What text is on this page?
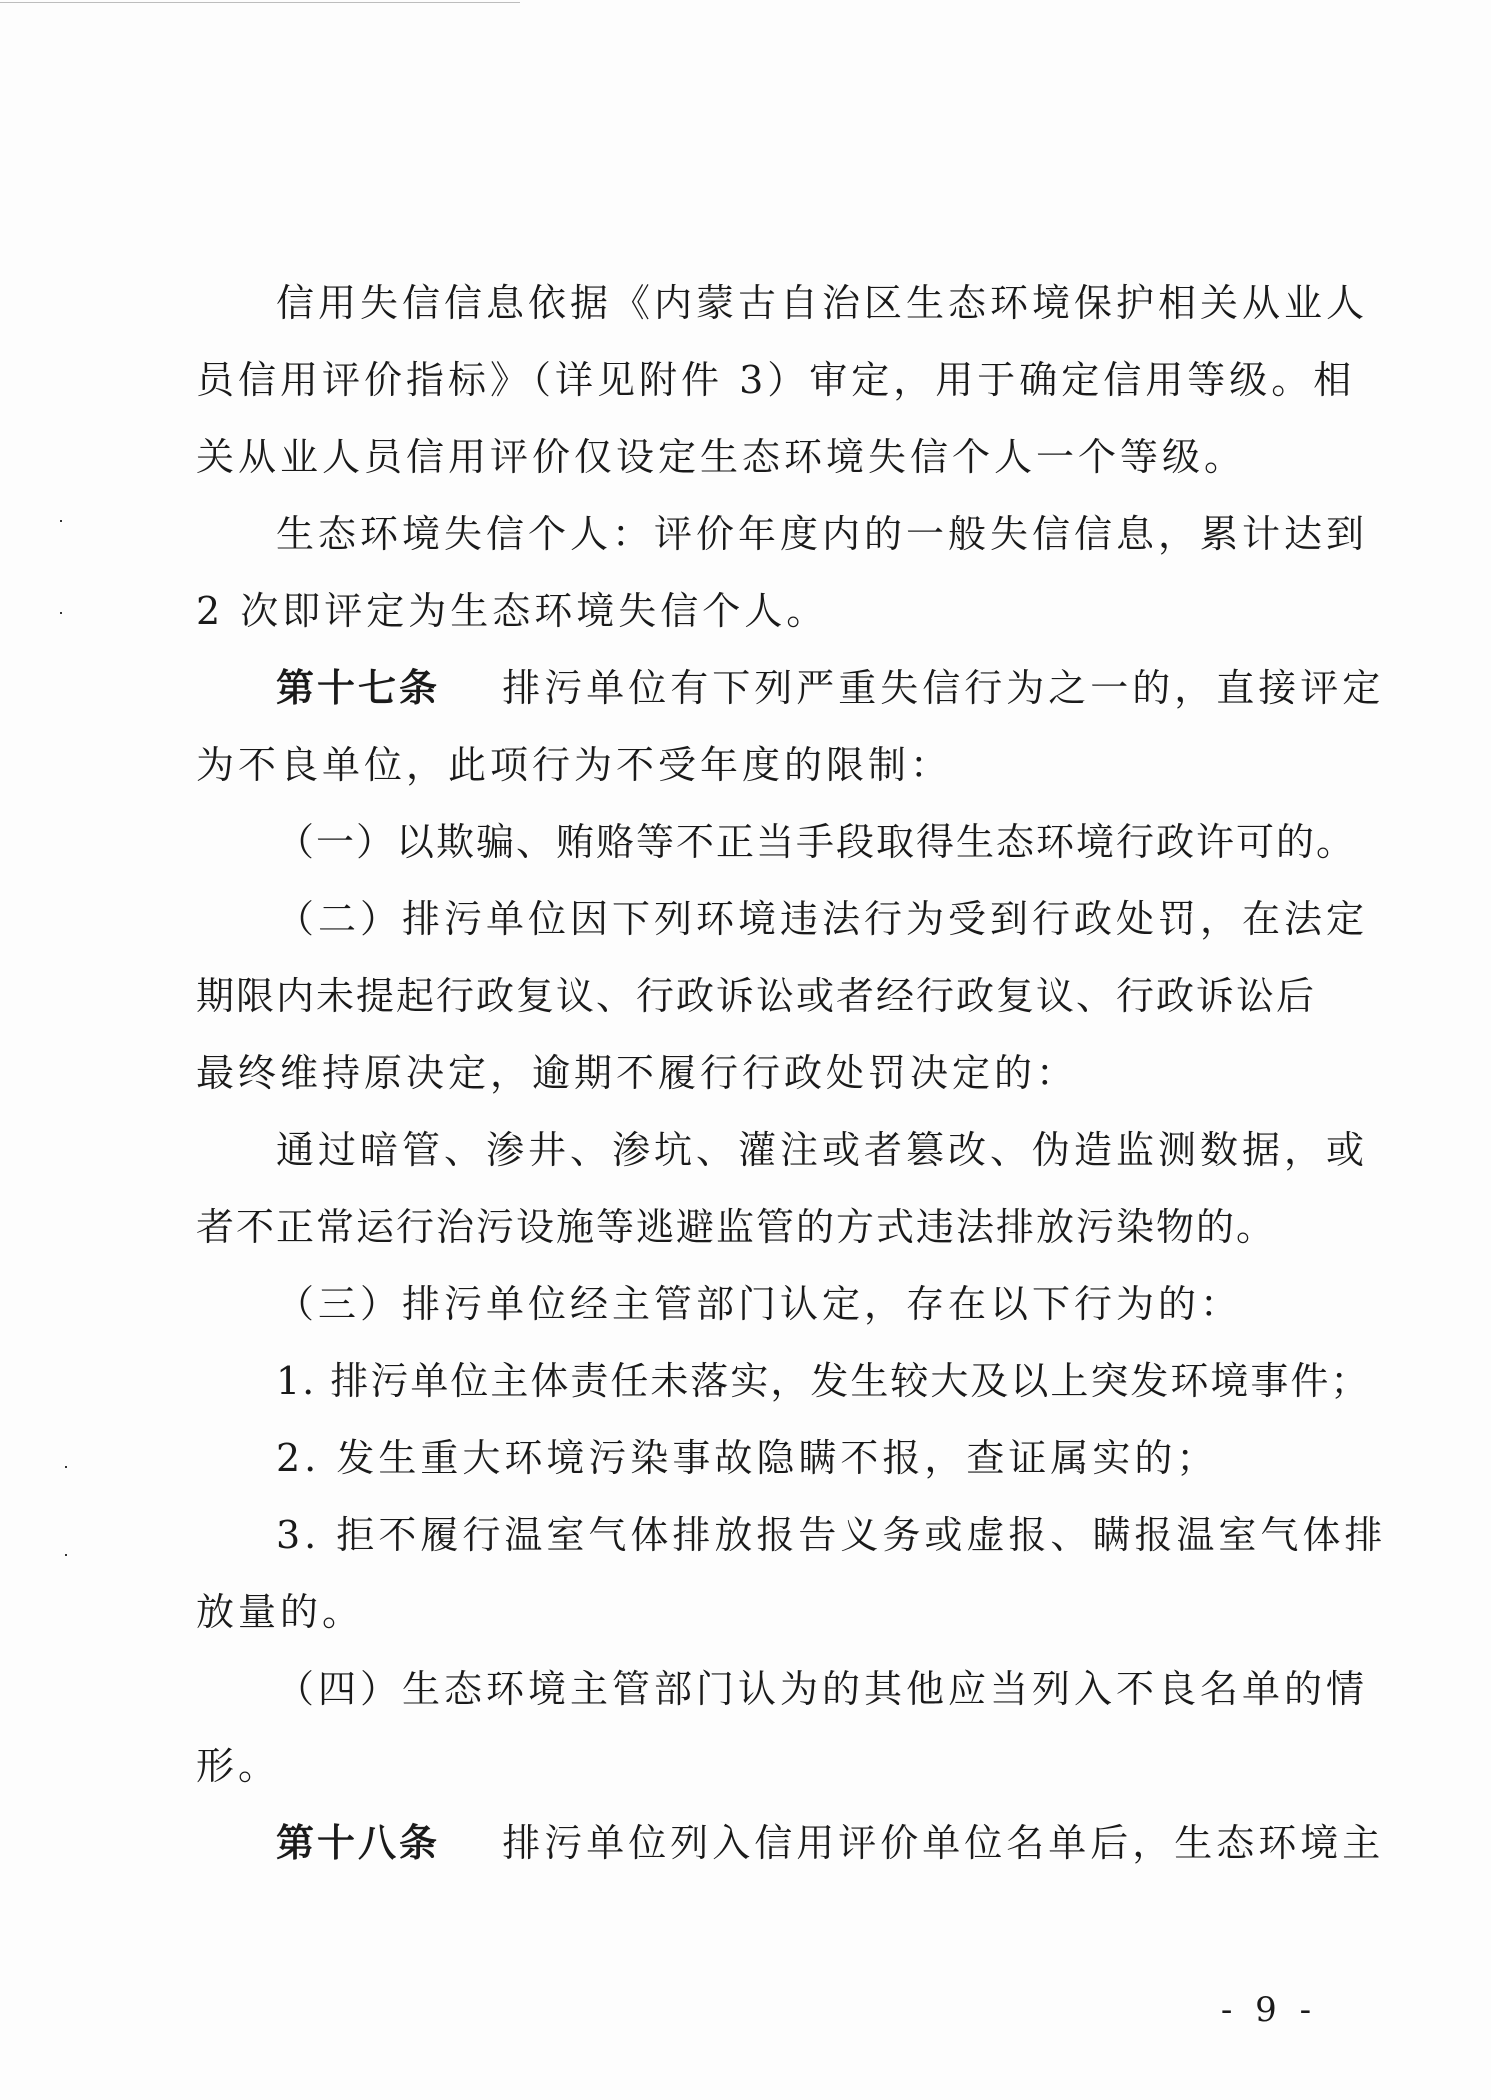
信用失信信息依据《内蒙古自治区生态环境保护相关从业人
员信用评价指标》（详见附件 3）审定，用于确定信用等级。相
关从业人员信用评价仅设定生态环境失信个人一个等级。
生态环境失信个人：评价年度内的一般失信信息，累计达到
2 次即评定为生态环境失信个人。
第十七条 排污单位有下列严重失信行为之一的，直接评定
为不良单位，此项行为不受年度的限制：
（一）以欺骗、贿赂等不正当手段取得生态环境行政许可的。
（二）排污单位因下列环境违法行为受到行政处罚，在法定
期限内未提起行政复议、行政诉讼或者经行政复议、行政诉讼后
最终维持原决定，逾期不履行行政处罚决定的：
通过暗管、渗井、渗坑、灌注或者篡改、伪造监测数据，或
者不正常运行治污设施等逃避监管的方式违法排放污染物的。
（三）排污单位经主管部门认定，存在以下行为的：
1. 排污单位主体责任未落实，发生较大及以上突发环境事件；
2. 发生重大环境污染事故隐瞒不报，查证属实的；
3. 拒不履行温室气体排放报告义务或虚报、瞒报温室气体排
放量的。
（四）生态环境主管部门认为的其他应当列入不良名单的情
形。
第十八条 排污单位列入信用评价单位名单后，生态环境主
- 9 -
